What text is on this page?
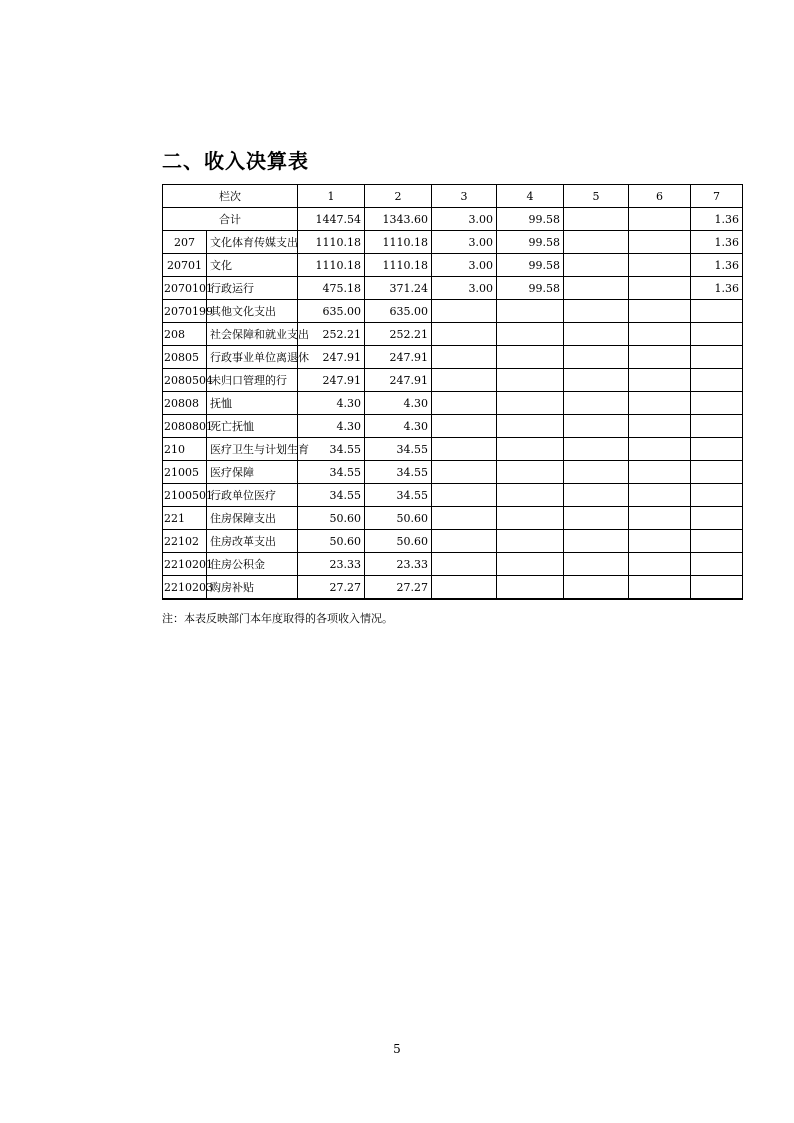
二、收入决算表
栏次		1	2	3	4	5	6	7
合计		1447.54	1343.60	3.00	99.58			1.36
207	文化体育传媒支出	1110.18	1110.18	3.00	99.58			1.36
20701	文化	1110.18	1110.18	3.00	99.58			1.36
2070101	行政运行	475.18	371.24	3.00	99.58			1.36
2070199	其他文化支出	635.00	635.00					
208	社会保障和就业支出	252.21	252.21					
20805	行政事业单位离退休	247.91	247.91					
2080504	未归口管理的行	247.91	247.91					
20808	抚恤	4.30	4.30					
2080801	死亡抚恤	4.30	4.30					
210	医疗卫生与计划生育	34.55	34.55					
21005	医疗保障	34.55	34.55					
2100501	行政单位医疗	34.55	34.55					
221	住房保障支出	50.60	50.60					
22102	住房改革支出	50.60	50.60					
2210201	住房公积金	23.33	23.33					
2210203	购房补贴	27.27	27.27					
注：本表反映部门本年度取得的各项收入情况。
5
